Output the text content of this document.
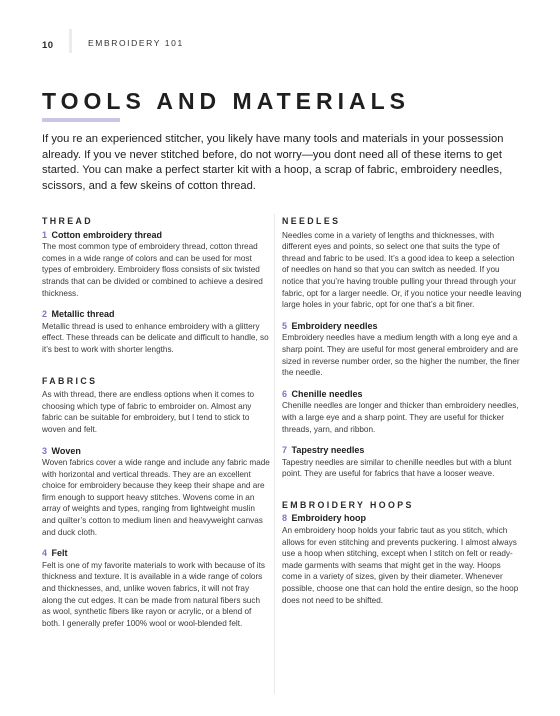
10	EMBROIDERY 101
TOOLS AND MATERIALS
If you re an experienced stitcher, you likely have many tools and materials in your possession already. If you ve never stitched before, do not worry—you dont need all of these items to get started. You can make a perfect starter kit with a hoop, a scrap of fabric, embroidery needles, scissors, and a few skeins of cotton thread.
THREAD
1 Cotton embroidery thread

The most common type of embroidery thread, cotton thread comes in a wide range of colors and can be used for most types of embroidery. Embroidery floss consists of six twisted strands that can be divided or combined to achieve a desired thickness.

2 Metallic thread

Metallic thread is used to enhance embroidery with a glittery effect. These threads can be delicate and difficult to handle, so it’s best to work with shorter lengths.

FABRICS

As with thread, there are endless options when it comes to choosing which type of fabric to embroider on. Almost any fabric can be suitable for embroidery, but I tend to stick to woven and felt.

3 Woven

Woven fabrics cover a wide range and include any fabric made with horizontal and vertical threads. They are an excellent choice for embroidery because they keep their shape and are firm enough to support heavy stitches. Wovens come in an array of weights and types, ranging from lightweight muslin and quilter’s cotton to medium linen and heavyweight canvas and duck cloth.

4 Felt

Felt is one of my favorite materials to work with because of its thickness and texture. It is available in a wide range of colors and thicknesses, and, unlike woven fabrics, it will not fray along the cut edges. It can be made from natural fibers such as wool, synthetic fibers like rayon or acrylic, or a blend of both. I generally prefer 100% wool or wool-blended felt.

NEEDLES

Needles come in a variety of lengths and thicknesses, with different eyes and points, so select one that suits the type of thread and fabric to be used. It’s a good idea to keep a selection of needles on hand so that you can switch as needed. If you notice that you’re having trouble pulling your thread through your fabric, opt for a larger needle. Or, if you notice your needle leaving large holes in your fabric, opt for one that’s a bit finer.

5 Embroidery needles

Embroidery needles have a medium length with a long eye and a sharp point. They are useful for most general embroidery and are sized in reverse number order, so the higher the number, the finer the needle.

6 Chenille needles

Chenille needles are longer and thicker than embroidery needles, with a large eye and a sharp point. They are useful for thicker threads, yarn, and ribbon.

7 Tapestry needles

Tapestry needles are similar to chenille needles but with a blunt point. They are useful for fabrics that have a looser weave.

EMBROIDERY HOOPS
8 Embroidery hoop

An embroidery hoop holds your fabric taut as you stitch, which allows for even stitching and prevents puckering. I almost always use a hoop when stitching, except when I stitch on felt or ready-made garments with seams that might get in the way. Hoops come in a variety of sizes, given by their diameter. Whenever possible, choose one that can hold the entire design, so the hoop does not need to be shifted.
